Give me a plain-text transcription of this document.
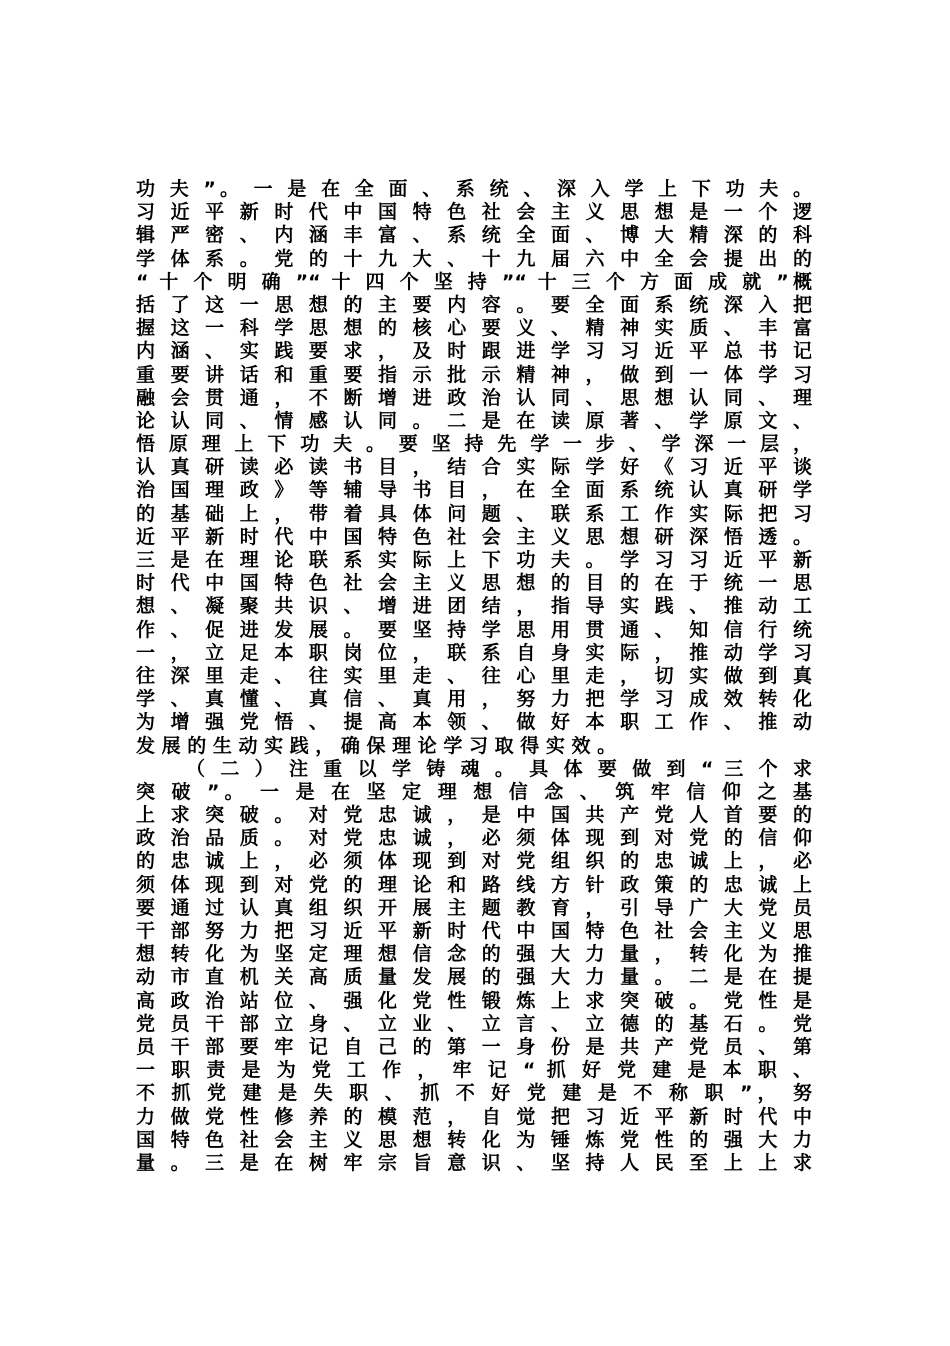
功 夫 ”。 一 是 在 全 面 、 系 统 、 深 入 学 上 下 功 夫 。
习 近 平 新 时 代 中 国 特 色 社 会 主 义 思 想 是 一 个 逻
辑 严 密 、 内 涵 丰 富 、 系 统 全 面 、 博 大 精 深 的 科
学 体 系 。 党 的 十 九 大 、 十 九 届 六 中 全 会 提 出 的
“ 十 个 明 确 ”“ 十 四 个 坚 持 ”“ 十 三 个 方 面 成 就 ”概
括 了 这 一 思 想 的 主 要 内 容 。 要 全 面 系 统 深 入 把
握 这 一 科 学 思 想 的 核 心 要 义 、 精 神 实 质 、 丰 富
内 涵 、 实 践 要 求 ， 及 时 跟 进 学 习 习 近 平 总 书 记
重 要 讲 话 和 重 要 指 示 批 示 精 神 ， 做 到 一 体 学 习
融 会 贯 通 ， 不 断 增 进 政 治 认 同 、 思 想 认 同 、 理
论 认 同 、 情 感 认 同 。 二 是 在 读 原 著 、 学 原 文 、
悟 原 理 上 下 功 夫 。 要 坚 持 先 学 一 步 、 学 深 一 层 ，
认 真 研 读 必 读 书 目 ， 结 合 实 际 学 好 《 习 近 平 谈
治 国 理 政 》 等 辅 导 书 目 ， 在 全 面 系 统 认 真 研 学
的 基 础 上 ， 带 着 具 体 问 题 、 联 系 工 作 实 际 把 习
近 平 新 时 代 中 国 特 色 社 会 主 义 思 想 研 深 悟 透 。
三 是 在 理 论 联 系 实 际 上 下 功 夫 。 学 习 习 近 平 新
时 代 中 国 特 色 社 会 主 义 思 想 的 目 的 在 于 统 一 思
想 、 凝 聚 共 识 、 增 进 团 结 ， 指 导 实 践 、 推 动 工
作 、 促 进 发 展 。 要 坚 持 学 思 用 贯 通 、 知 信 行 统
一 ， 立 足 本 职 岗 位 ， 联 系 自 身 实 际 ， 推 动 学 习
往 深 里 走 、 往 实 里 走 、 往 心 里 走 ， 切 实 做 到 真
学 、 真 懂 、 真 信 、 真 用 ， 努 力 把 学 习 成 效 转 化
为 增 强 党 悟 、 提 高 本 领 、 做 好 本 职 工 作 、 推 动
发 展 的 生 动 实 践 ， 确 保 理 论 学 习 取 得 实 效 。
（ 二 ） 注 重 以 学 铸 魂 。 具 体 要 做 到 “ 三 个 求
突 破 ”。 一 是 在 坚 定 理 想 信 念 、 筑 牢 信 仰 之 基
上 求 突 破 。 对 党 忠 诚 ， 是 中 国 共 产 党 人 首 要 的
政 治 品 质 。 对 党 忠 诚 ， 必 须 体 现 到 对 党 的 信 仰
的 忠 诚 上 ， 必 须 体 现 到 对 党 组 织 的 忠 诚 上 ， 必
须 体 现 到 对 党 的 理 论 和 路 线 方 针 政 策 的 忠 诚 上
要 通 过 认 真 组 织 开 展 主 题 教 育 ， 引 导 广 大 党 员
干 部 努 力 把 习 近 平 新 时 代 中 国 特 色 社 会 主 义 思
想 转 化 为 坚 定 理 想 信 念 的 强 大 力 量 ， 转 化 为 推
动 市 直 机 关 高 质 量 发 展 的 强 大 力 量 。 二 是 在 提
高 政 治 站 位 、 强 化 党 性 锻 炼 上 求 突 破 。 党 性 是
党 员 干 部 立 身 、 立 业 、 立 言 、 立 德 的 基 石 。 党
员 干 部 要 牢 记 自 己 的 第 一 身 份 是 共 产 党 员 、 第
一 职 责 是 为 党 工 作 ， 牢 记 “ 抓 好 党 建 是 本 职 、
不 抓 党 建 是 失 职 、 抓 不 好 党 建 是 不 称 职 ”， 努
力 做 党 性 修 养 的 模 范 ， 自 觉 把 习 近 平 新 时 代 中
国 特 色 社 会 主 义 思 想 转 化 为 锤 炼 党 性 的 强 大 力
量 。 三 是 在 树 牢 宗 旨 意 识 、 坚 持 人 民 至 上 上 求
